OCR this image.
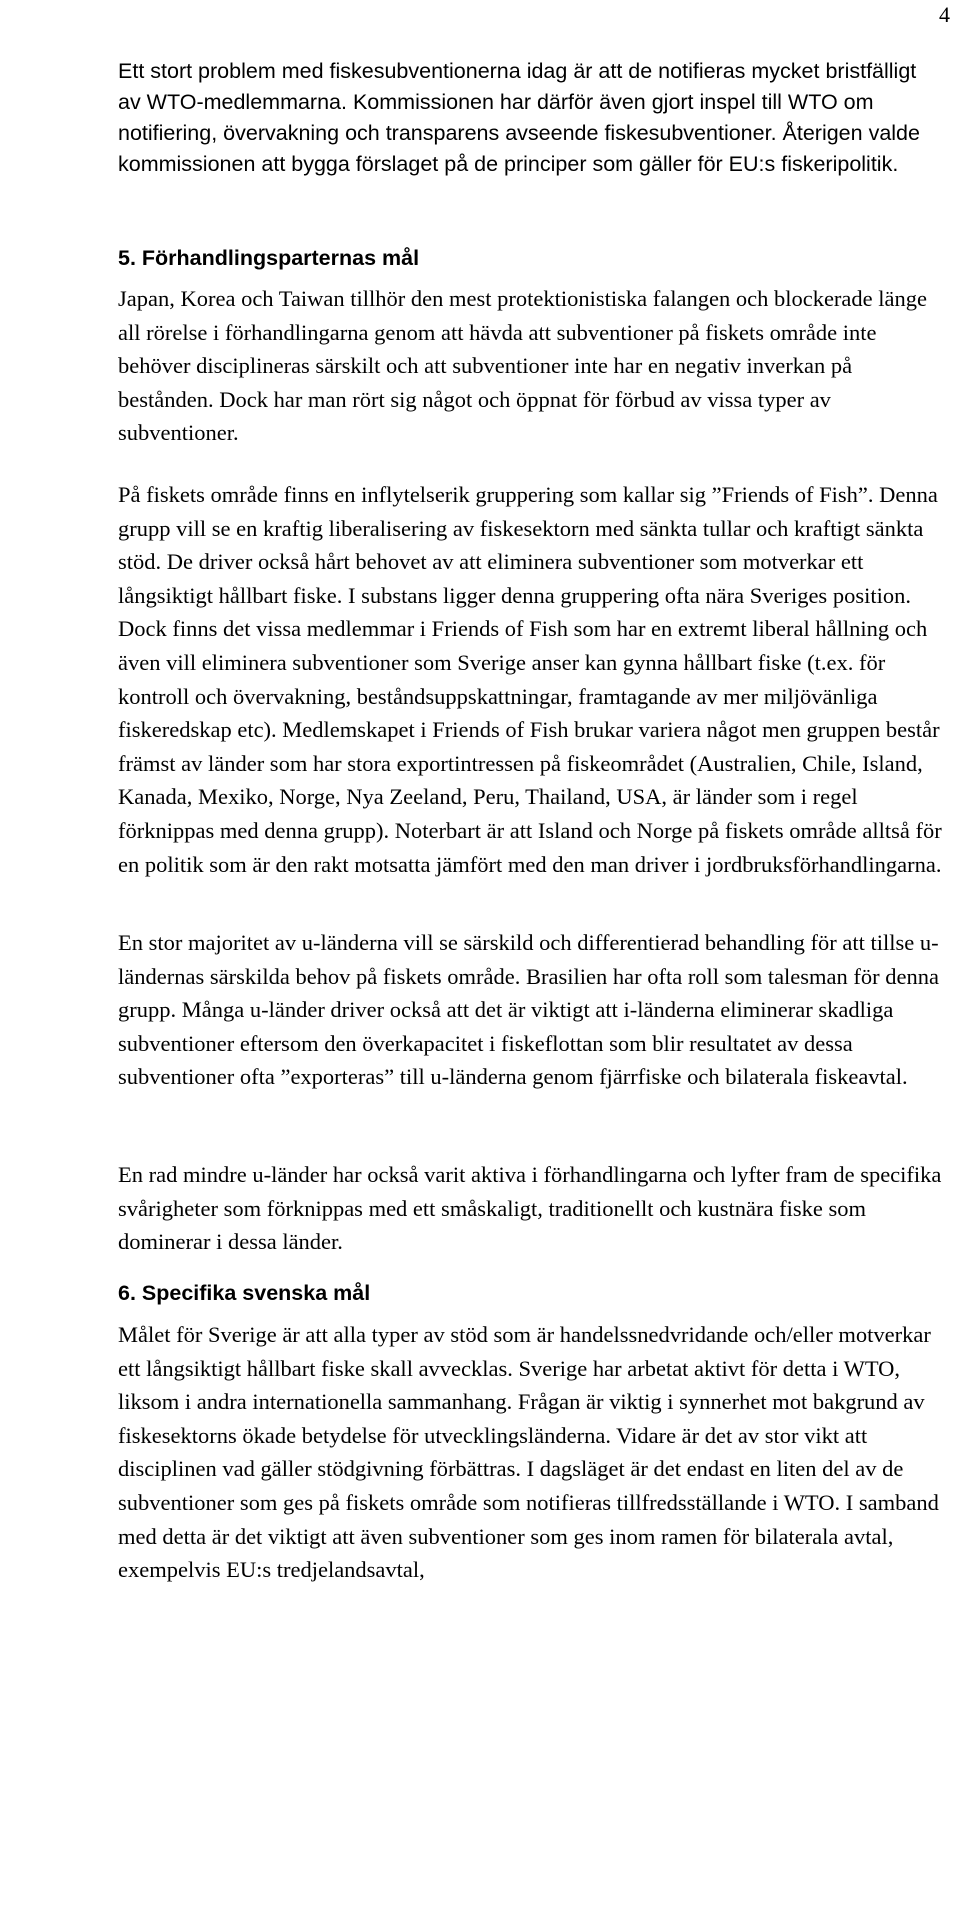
4

Ett stort problem med fiskesubventionerna idag är att de notifieras mycket bristfälligt av WTO-medlemmarna. Kommissionen har därför även gjort inspel till WTO om notifiering, övervakning och transparens avseende fiskesubventioner. Återigen valde kommissionen att bygga förslaget på de principer som gäller för EU:s fiskeripolitik.

5. Förhandlingsparternas mål

Japan, Korea och Taiwan tillhör den mest protektionistiska falangen och blockerade länge all rörelse i förhandlingarna genom att hävda att subventioner på fiskets område inte behöver disciplineras särskilt och att subventioner inte har en negativ inverkan på bestånden. Dock har man rört sig något och öppnat för förbud av vissa typer av subventioner.

På fiskets område finns en inflytelserik gruppering som kallar sig ”Friends of Fish”. Denna grupp vill se en kraftig liberalisering av fiskesektorn med sänkta tullar och kraftigt sänkta stöd. De driver också hårt behovet av att eliminera subventioner som motverkar ett långsiktigt hållbart fiske. I substans ligger denna gruppering ofta nära Sveriges position. Dock finns det vissa medlemmar i Friends of Fish som har en extremt liberal hållning och även vill eliminera subventioner som Sverige anser kan gynna hållbart fiske (t.ex. för kontroll och övervakning, beståndsuppskattningar, framtagande av mer miljövänliga fiskeredskap etc). Medlemskapet i Friends of Fish brukar variera något men gruppen består främst av länder som har stora exportintressen på fiskeområdet (Australien, Chile, Island, Kanada, Mexiko, Norge, Nya Zeeland, Peru, Thailand, USA, är länder som i regel förknippas med denna grupp). Noterbart är att Island och Norge på fiskets område alltså för en politik som är den rakt motsatta jämfört med den man driver i jordbruksförhandlingarna.

En stor majoritet av u-länderna vill se särskild och differentierad behandling för att tillse u-ländernas särskilda behov på fiskets område. Brasilien har ofta roll som talesman för denna grupp. Många u-länder driver också att det är viktigt att i-länderna eliminerar skadliga subventioner eftersom den överkapacitet i fiskeflottan som blir resultatet av dessa subventioner ofta ”exporteras” till u-länderna genom fjärrfiske och bilaterala fiskeavtal.

En rad mindre u-länder har också varit aktiva i förhandlingarna och lyfter fram de specifika svårigheter som förknippas med ett småskaligt, traditionellt och kustnära fiske som dominerar i dessa länder.

6. Specifika svenska mål

Målet för Sverige är att alla typer av stöd som är handelssnedvridande och/eller motverkar ett långsiktigt hållbart fiske skall avvecklas. Sverige har arbetat aktivt för detta i WTO, liksom i andra internationella sammanhang. Frågan är viktig i synnerhet mot bakgrund av fiskesektorns ökade betydelse för utvecklingsländerna. Vidare är det av stor vikt att disciplinen vad gäller stödgivning förbättras. I dagsläget är det endast en liten del av de subventioner som ges på fiskets område som notifieras tillfredsställande i WTO. I samband med detta är det viktigt att även subventioner som ges inom ramen för bilaterala avtal, exempelvis EU:s tredjelandsavtal,
